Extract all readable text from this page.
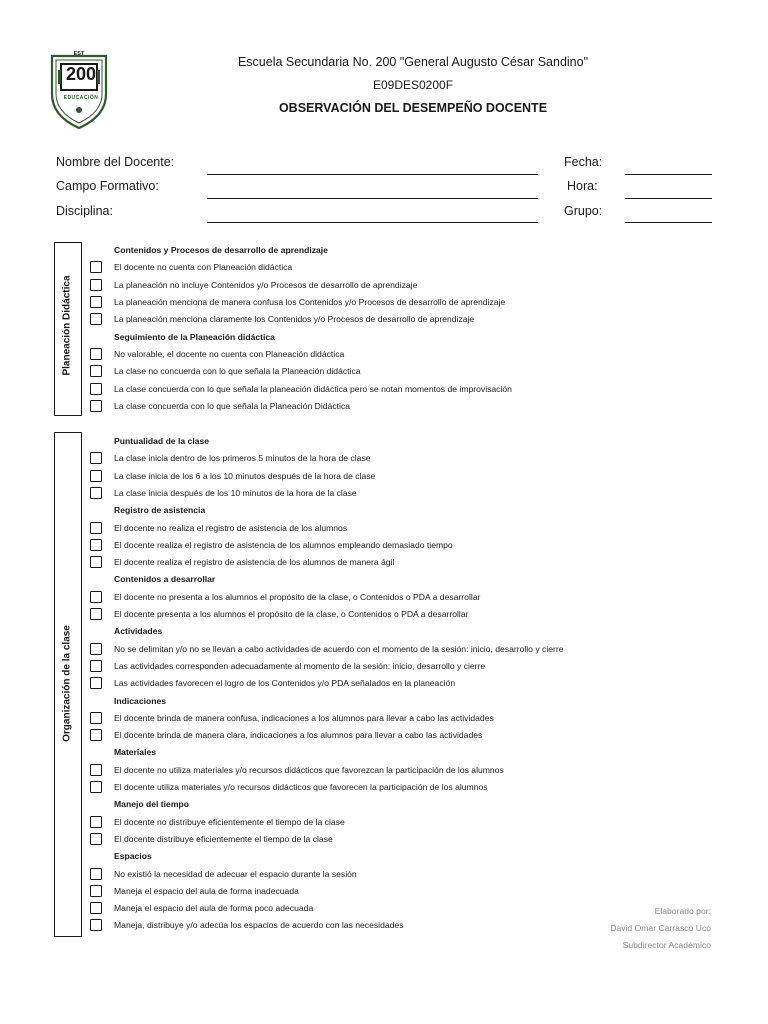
EST
200
EDUCACIÓN
Escuela Secundaria No. 200 "General Augusto César Sandino"
E09DES0200F
OBSERVACIÓN DEL DESEMPEÑO DOCENTE
Nombre del Docente:
Campo Formativo:
Disciplina:
Fecha:
Hora:
Grupo:
Planeación Didáctica
Organización de la clase
Contenidos y Procesos de desarrollo de aprendizaje
El docente no cuenta con Planeación didáctica
La planeación no incluye Contenidos y/o Procesos de desarrollo de aprendizaje
La planeación menciona de manera confusa los Contenidos y/o Procesos de desarrollo de aprendizaje
La planeación menciona claramente los Contenidos y/o Procesos de desarrollo de aprendizaje
Seguimiento de la Planeación didáctica
No valorable, el docente no cuenta con Planeación didáctica
La clase no concuerda con lo que señala la Planeación didáctica
La clase concuerda con lo que señala la planeación didáctica pero se notan momentos de improvisación
La clase concuerda con lo que señala la Planeación Didáctica
Puntualidad de la clase
La clase inicia dentro de los primeros 5 minutos de la hora de clase
La clase inicia de los 6 a los 10 minutos después de la hora de clase
La clase inicia después de los 10 minutos de la hora de la clase
Registro de asistencia
El docente no realiza el registro de asistencia de los alumnos
El docente realiza el registro de asistencia de los alumnos empleando demasiado tiempo
El docente realiza el registro de asistencia de los alumnos de manera ágil
Contenidos a desarrollar
El docente no presenta a los alumnos el propósito de la clase, o Contenidos o PDA a desarrollar
El docente presenta a los alumnos el propósito de la clase, o Contenidos o PDA a desarrollar
Actividades
No se delimitan y/o no se llevan a cabo actividades de acuerdo con el momento de la sesión: inicio, desarrollo y cierre
Las actividades corresponden adecuadamente al momento de la sesión: inicio, desarrollo y cierre
Las actividades favorecen el logro de los Contenidos y/o PDA señalados en la planeación
Indicaciones
El docente brinda de manera confusa, indicaciones a los alumnos para llevar a cabo las actividades
El docente brinda de manera clara, indicaciones a los alumnos para llevar a cabo las actividades
Materiales
El docente no utiliza materiales y/o recursos didácticos que favorezcan la participación de los alumnos
El docente utiliza materiales y/o recursos didácticos que favorecen la participación de los alumnos
Manejo del tiempo
El docente no distribuye eficientemente el tiempo de la clase
El docente distribuye eficientemente el tiempo de la clase
Espacios
No existió la necesidad de adecuar el espacio durante la sesión
Maneja el espacio del aula de forma inadecuada
Maneja el espacio del aula de forma poco adecuada
Maneja, distribuye y/o adecúa los espacios de acuerdo con las necesidades
Elaborado por:
David Omar Carrasco Uco
Subdirector Académico
